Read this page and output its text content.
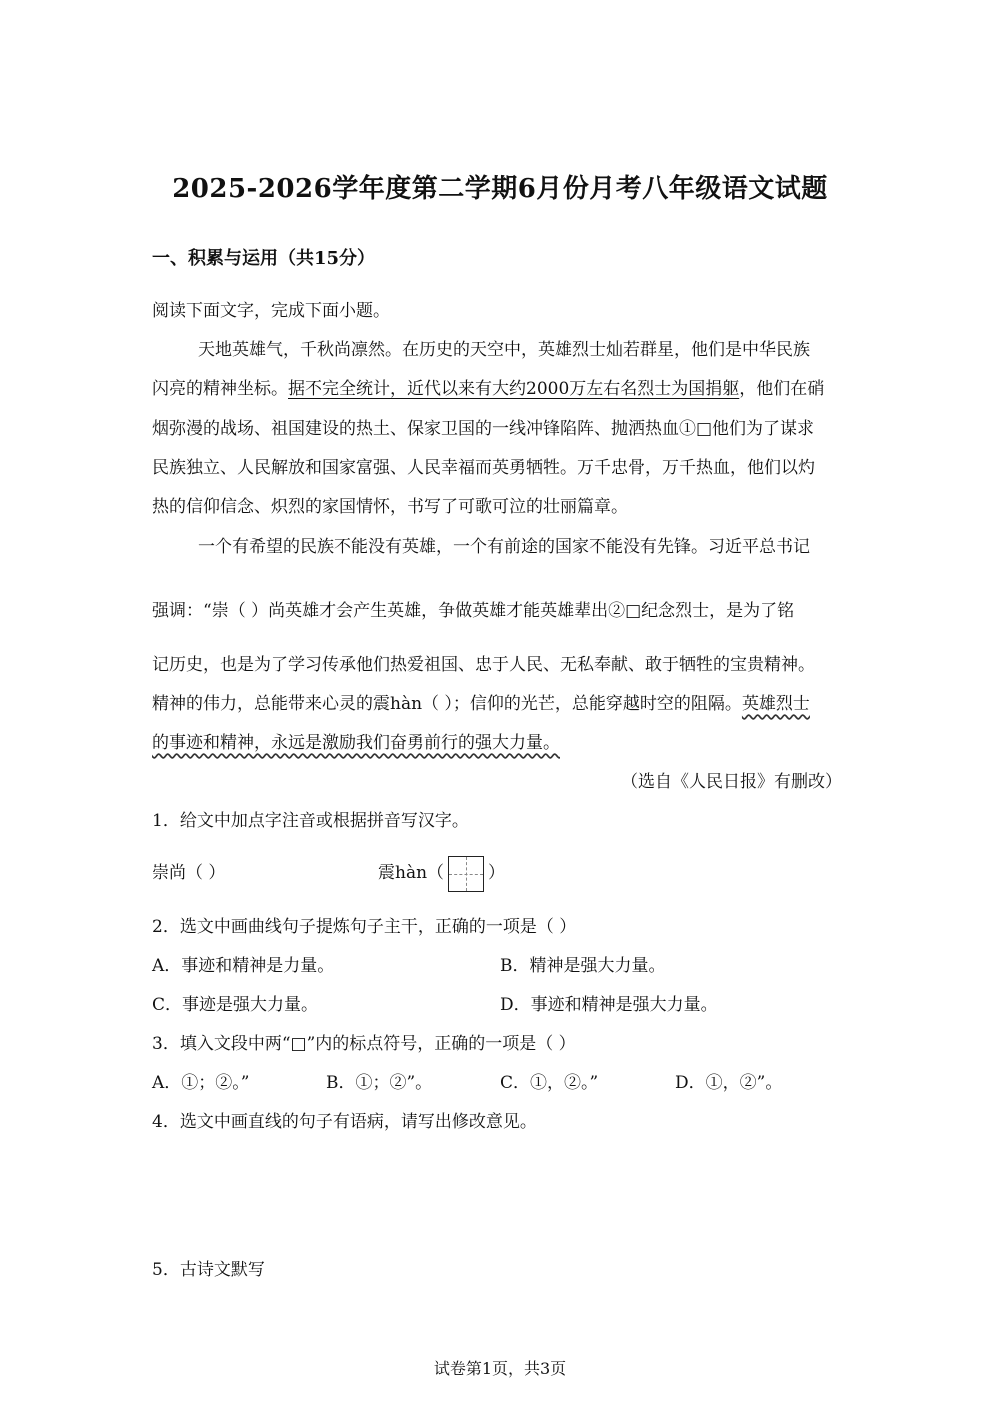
2025-2026学年度第二学期6月份月考八年级语文试题
一、积累与运用（共15分）
阅读下面文字，完成下面小题。
天地英雄气，千秋尚凛然。在历史的天空中，英雄烈士灿若群星，他们是中华民族
闪亮的精神坐标。据不完全统计，近代以来有大约2000万左右名烈士为国捐躯，他们在硝
烟弥漫的战场、祖国建设的热土、保家卫国的一线冲锋陷阵、抛洒热血①□他们为了谋求
民族独立、人民解放和国家富强、人民幸福而英勇牺牲。万千忠骨，万千热血，他们以灼
热的信仰信念、炽烈的家国情怀，书写了可歌可泣的壮丽篇章。
一个有希望的民族不能没有英雄，一个有前途的国家不能没有先锋。习近平总书记
强调：“崇（ ）尚英雄才会产生英雄，争做英雄才能英雄辈出②□纪念烈士，是为了铭
记历史，也是为了学习传承他们热爱祖国、忠于人民、无私奉献、敢于牺牲的宝贵精神。
精神的伟力，总能带来心灵的震hàn（ ）；信仰的光芒，总能穿越时空的阻隔。英雄烈士
的事迹和精神，永远是激励我们奋勇前行的强大力量。
（选自《人民日报》有删改）
1．给文中加点字注音或根据拼音写汉字。
崇尚（ ）	震hàn（	）
2．选文中画曲线句子提炼句子主干，正确的一项是（ ）
A．事迹和精神是力量。	B．精神是强大力量。
C．事迹是强大力量。	D．事迹和精神是强大力量。
3．填入文段中两“□”内的标点符号，正确的一项是（ ）
A．①；②。”	B．①；②”。	C．①，②。”	D．①，②”。
4．选文中画直线的句子有语病，请写出修改意见。
5．古诗文默写
试卷第1页，共3页
